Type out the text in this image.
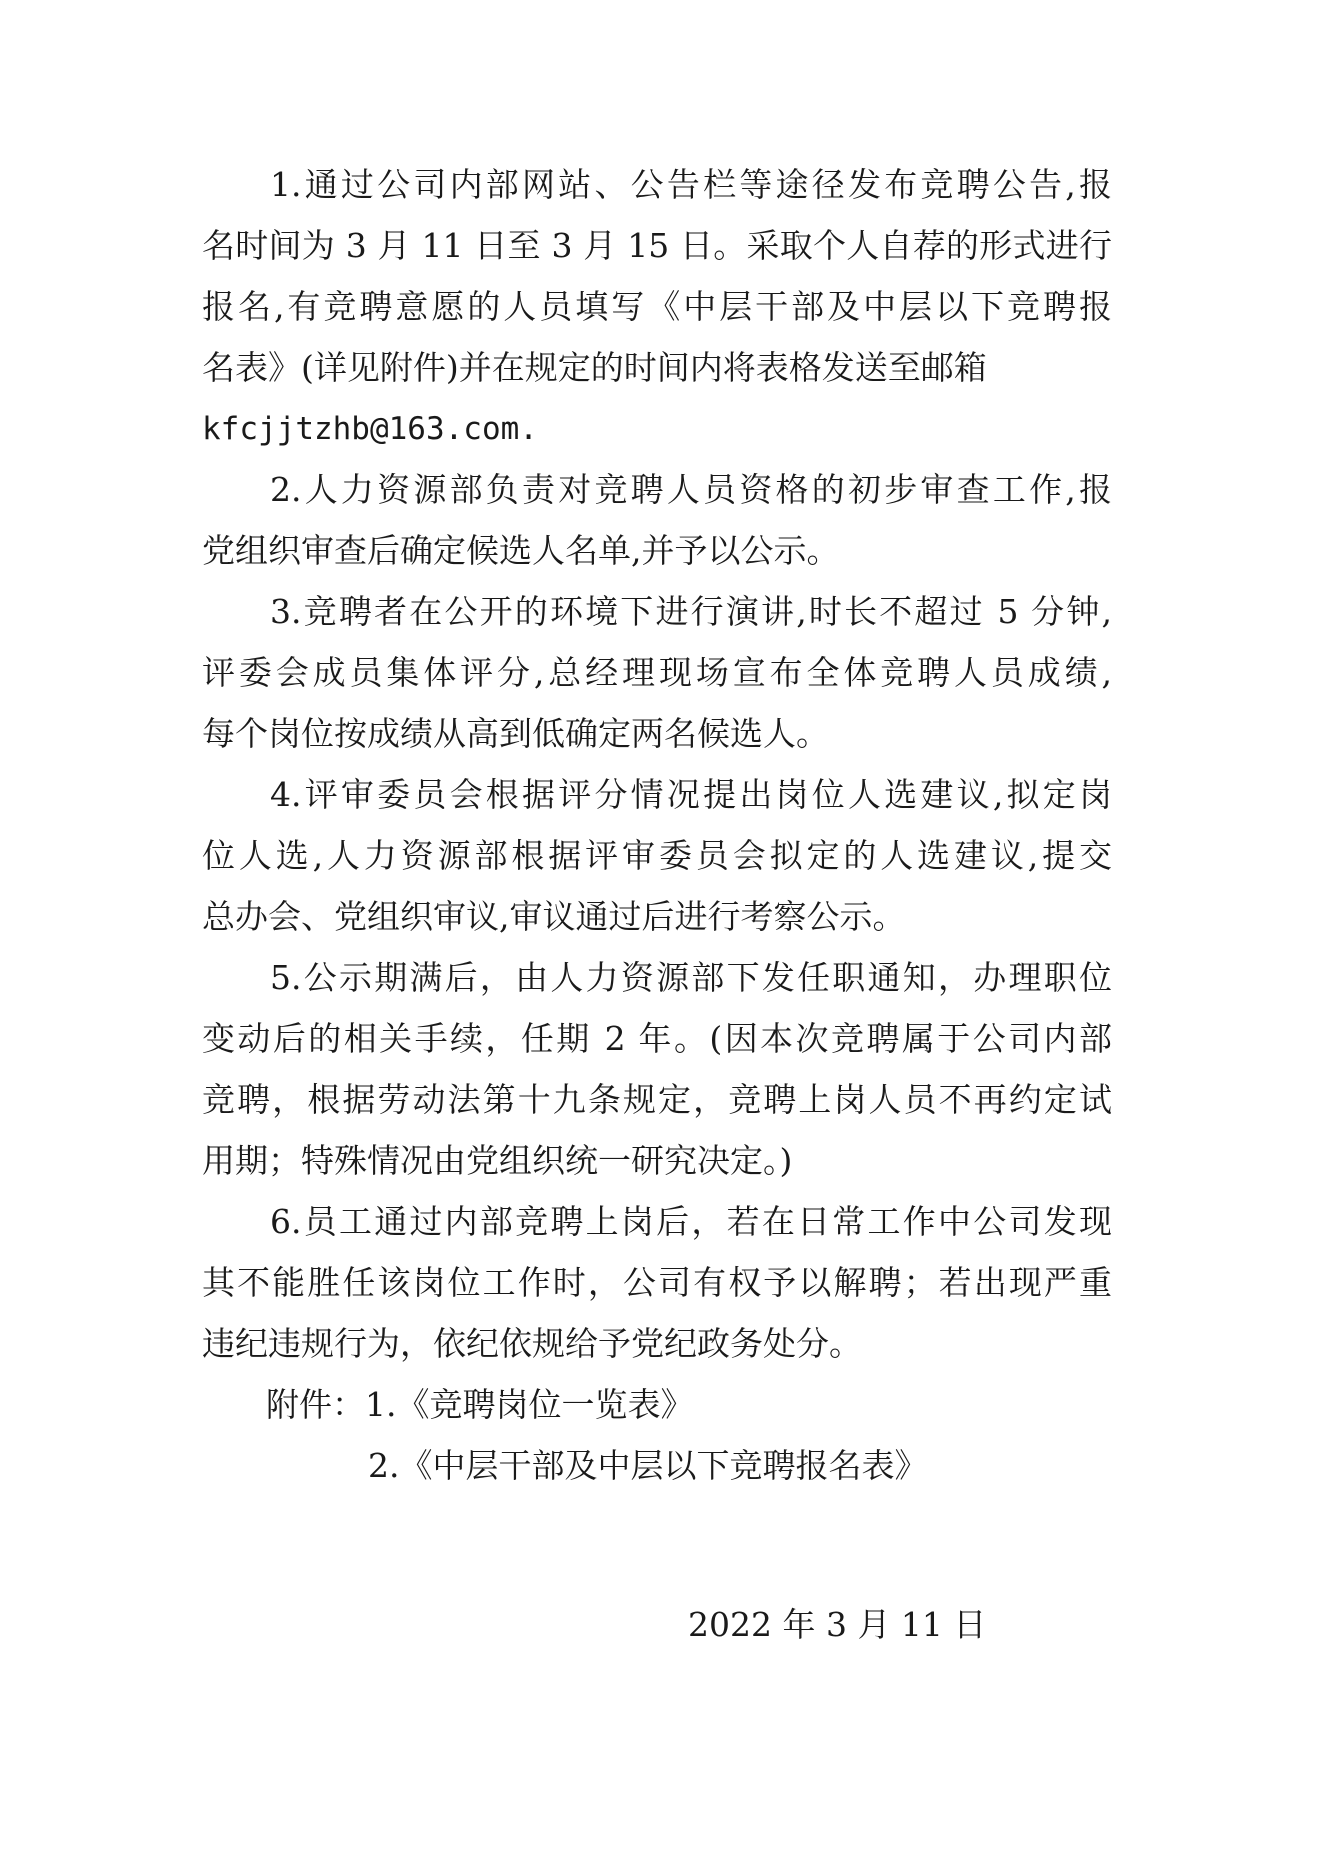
1.通过公司内部网站、公告栏等途径发布竞聘公告,报
名时间为 3 月 11 日至 3 月 15 日。采取个人自荐的形式进行
报名,有竞聘意愿的人员填写《中层干部及中层以下竞聘报
名表》(详见附件)并在规定的时间内将表格发送至邮箱
kfcjjtzhb@163.com.
2.人力资源部负责对竞聘人员资格的初步审查工作,报
党组织审查后确定候选人名单,并予以公示。
3.竞聘者在公开的环境下进行演讲,时长不超过 5 分钟,
评委会成员集体评分,总经理现场宣布全体竞聘人员成绩,
每个岗位按成绩从高到低确定两名候选人。
4.评审委员会根据评分情况提出岗位人选建议,拟定岗
位人选,人力资源部根据评审委员会拟定的人选建议,提交
总办会、党组织审议,审议通过后进行考察公示。
5.公示期满后，由人力资源部下发任职通知，办理职位
变动后的相关手续，任期 2 年。(因本次竞聘属于公司内部
竞聘，根据劳动法第十九条规定，竞聘上岗人员不再约定试
用期；特殊情况由党组织统一研究决定。)
6.员工通过内部竞聘上岗后，若在日常工作中公司发现
其不能胜任该岗位工作时，公司有权予以解聘；若出现严重
违纪违规行为，依纪依规给予党纪政务处分。
附件：1.《竞聘岗位一览表》
2.《中层干部及中层以下竞聘报名表》
2022 年 3 月 11 日
